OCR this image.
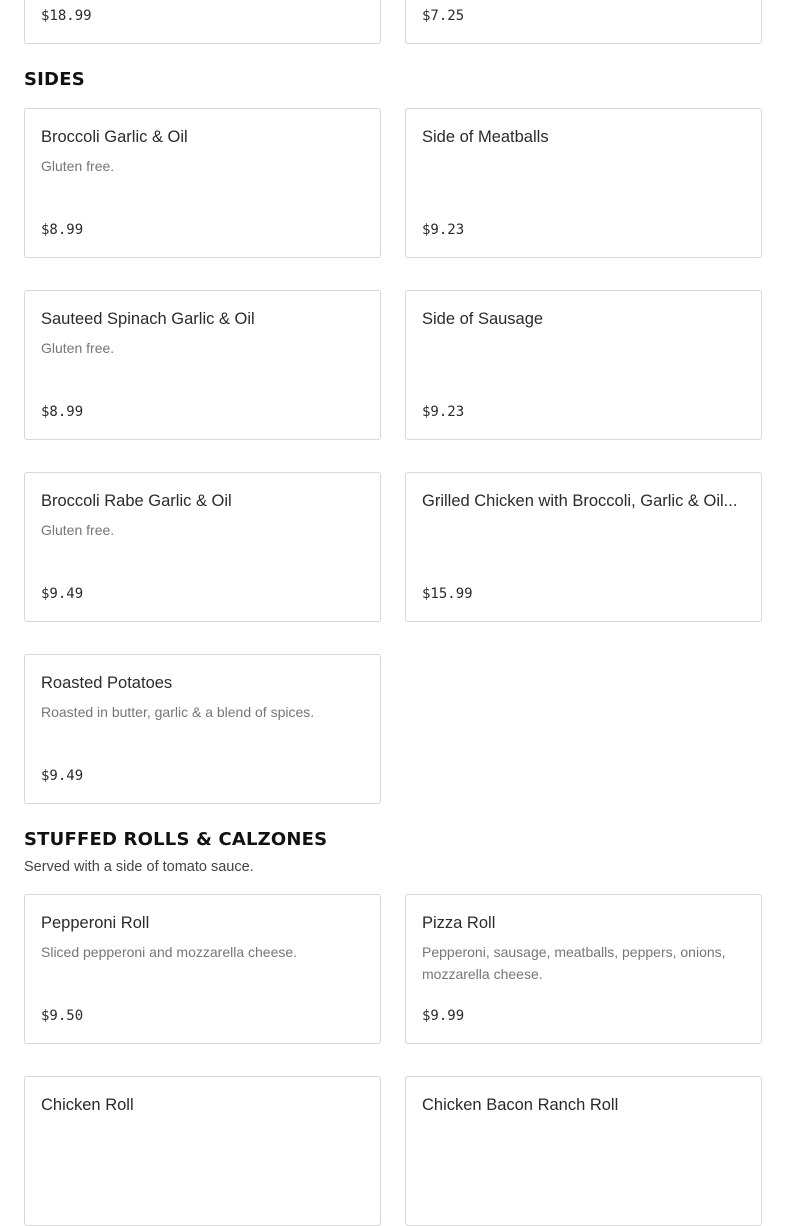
$18.99	$7.25
SIDES
Broccoli Garlic & Oil
Gluten free.
$8.99
Side of Meatballs
$9.23
Sauteed Spinach Garlic & Oil
Gluten free.
$8.99
Side of Sausage
$9.23
Broccoli Rabe Garlic & Oil
Gluten free.
$9.49
Grilled Chicken with Broccoli, Garlic & Oil...
$15.99
Roasted Potatoes
Roasted in butter, garlic & a blend of spices.
$9.49
STUFFED ROLLS & CALZONES
Served with a side of tomato sauce.
Pepperoni Roll
Sliced pepperoni and mozzarella cheese.
$9.50
Pizza Roll
Pepperoni, sausage, meatballs, peppers, onions, mozzarella cheese.
$9.99
Chicken Roll	Chicken Bacon Ranch Roll
